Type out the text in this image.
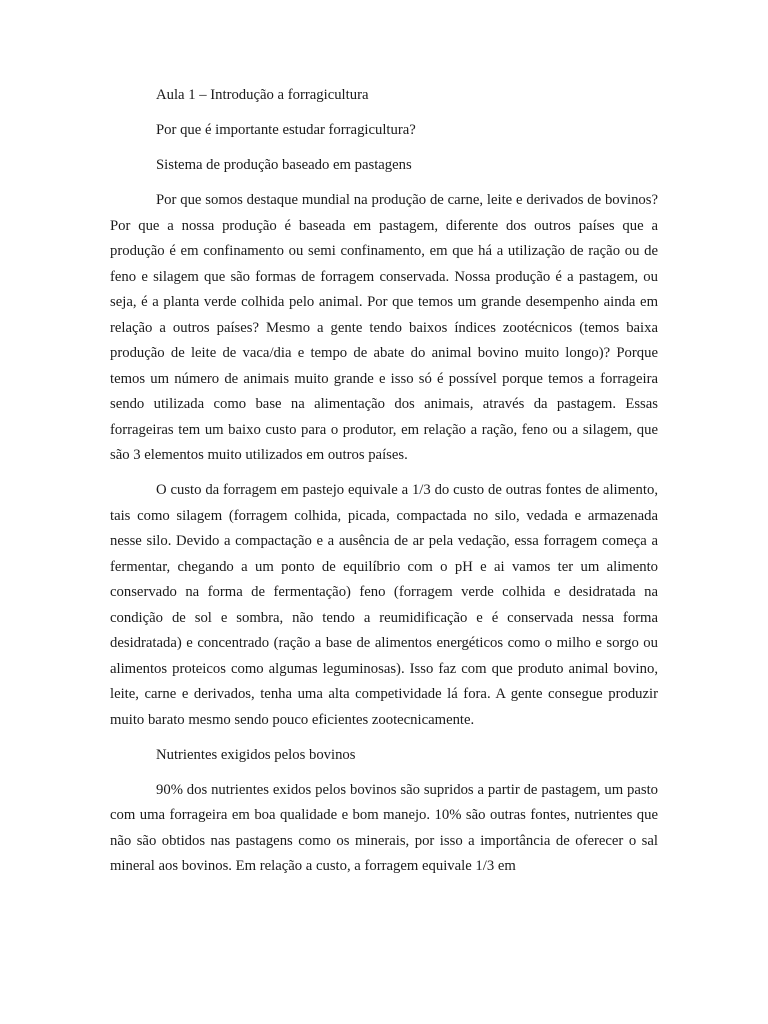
Aula 1 – Introdução a forragicultura

Por que é importante estudar forragicultura?

Sistema de produção baseado em pastagens

Por que somos destaque mundial na produção de carne, leite e derivados de bovinos? Por que a nossa produção é baseada em pastagem, diferente dos outros países que a produção é em confinamento ou semi confinamento, em que há a utilização de ração ou de feno e silagem que são formas de forragem conservada. Nossa produção é a pastagem, ou seja, é a planta verde colhida pelo animal. Por que temos um grande desempenho ainda em relação a outros países? Mesmo a gente tendo baixos índices zootécnicos (temos baixa produção de leite de vaca/dia e tempo de abate do animal bovino muito longo)? Porque temos um número de animais muito grande e isso só é possível porque temos a forrageira sendo utilizada como base na alimentação dos animais, através da pastagem. Essas forrageiras tem um baixo custo para o produtor, em relação a ração, feno ou a silagem, que são 3 elementos muito utilizados em outros países.

O custo da forragem em pastejo equivale a 1/3 do custo de outras fontes de alimento, tais como silagem (forragem colhida, picada, compactada no silo, vedada e armazenada nesse silo. Devido a compactação e a ausência de ar pela vedação, essa forragem começa a fermentar, chegando a um ponto de equilíbrio com o pH e ai vamos ter um alimento conservado na forma de fermentação) feno (forragem verde colhida e desidratada na condição de sol e sombra, não tendo a reumidificação e é conservada nessa forma desidratada) e concentrado (ração a base de alimentos energéticos como o milho e sorgo ou alimentos proteicos como algumas leguminosas). Isso faz com que produto animal bovino, leite, carne e derivados, tenha uma alta competividade lá fora. A gente consegue produzir muito barato mesmo sendo pouco eficientes zootecnicamente.

Nutrientes exigidos pelos bovinos

90% dos nutrientes exidos pelos bovinos são supridos a partir de pastagem, um pasto com uma forrageira em boa qualidade e bom manejo. 10% são outras fontes, nutrientes que não são obtidos nas pastagens como os minerais, por isso a importância de oferecer o sal mineral aos bovinos. Em relação a custo, a forragem equivale 1/3 em
